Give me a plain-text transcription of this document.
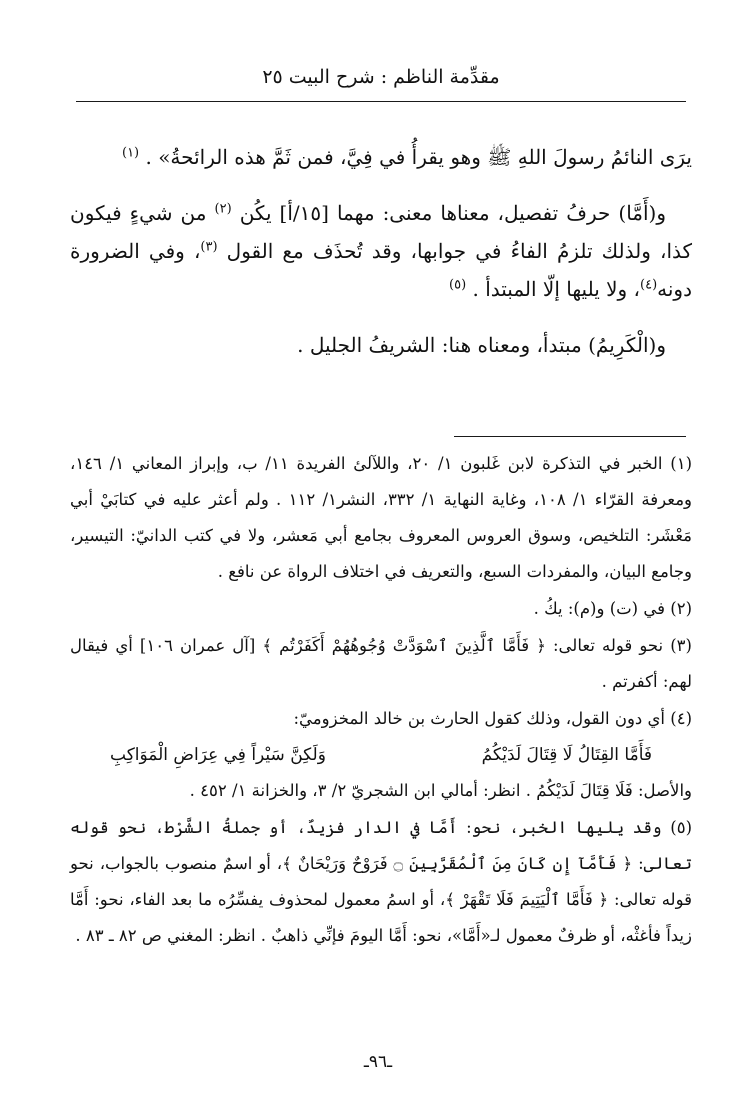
مقدِّمة الناظم : شرح البيت ٢٥

يرَى النائمُ رسولَ اللهِ ﷺ وهو يقرأُ في فِيَّ، فمن ثَمَّ هذه الرائحةُ» . $^{(١)}$

و(أَمَّا) حرفُ تفصيل، معناها معنى: مهما [١٥/أ] يكُن $^{(٢)}$ من شيءٍ فيكون كذا، ولذلك تلزمُ الفاءُ في جوابها، وقد تُحذَف مع القول $^{(٣)}$، وفي الضرورة دونه$^{(٤)}$، ولا يليها إلّا المبتدأ . $^{(٥)}$

و(الْكَرِيمُ) مبتدأ، ومعناه هنا: الشريفُ الجليل .

(١) الخبر في التذكرة لابن غَلبون ١/ ٢٠، واللآلئ الفريدة ١١/ ب، وإبراز المعاني ١/ ١٤٦، ومعرفة القرّاء ١/ ١٠٨، وغاية النهاية ١/ ٣٣٢، النشر١/ ١١٢ . ولم أعثر عليه في كتابَيْ أبي مَعْشَر: التلخيص، وسوق العروس المعروف بجامع أبي مَعشر، ولا في كتب الدانيّ: التيسير، وجامع البيان، والمفردات السبع، والتعريف في اختلاف الرواة عن نافع .
(٢) في (ت) و(م): يكُ .
(٣) نحو قوله تعالى: ﴿ فَأَمَّا ٱلَّذِينَ ٱسْوَدَّتْ وُجُوهُهُمْ أَكَفَرْتُم ﴾ [آل عمران ١٠٦] أي فيقال لهم: أكفرتم .
(٤) أي دون القول، وذلك كقول الحارث بن خالد المخزوميّ:
فَأَمَّا القِتَالُ لَا قِتَالَ لَدَيْكُمُ
وَلَكِنَّ سَيْراً فِي عِرَاضِ الْمَوَاكِبِ
والأصل: فَلَا قِتَالَ لَدَيْكُمُ . انظر: أمالي ابن الشجريّ ٢/ ٣، والخزانة ١/ ٤٥٢ .
(٥) وقد يليها الخبر، نحو: أَمَّا في الدار فزيدٌ، أو جملةُ الشَّرْط، نحو قوله تعالى: ﴿ فَأَمَّآ إِن كَانَ مِنَ ٱلْمُقَرَّبِينَ ۝ فَرَوْحٌ وَرَيْحَانٌ ﴾، أو اسمٌ منصوب بالجواب، نحو قوله تعالى: ﴿ فَأَمَّا ٱلْيَتِيمَ فَلَا تَقْهَرْ ﴾، أو اسمُ معمول لمحذوف يفسِّرُه ما بعد الفاء، نحو: أَمَّا زيداً فأغثْه، أو ظرفٌ معمول لـ«أَمَّا»، نحو: أَمَّا اليومَ فإنِّي ذاهبٌ . انظر: المغني ص ٨٢ ـ ٨٣ .
ـ٩٦ـ
